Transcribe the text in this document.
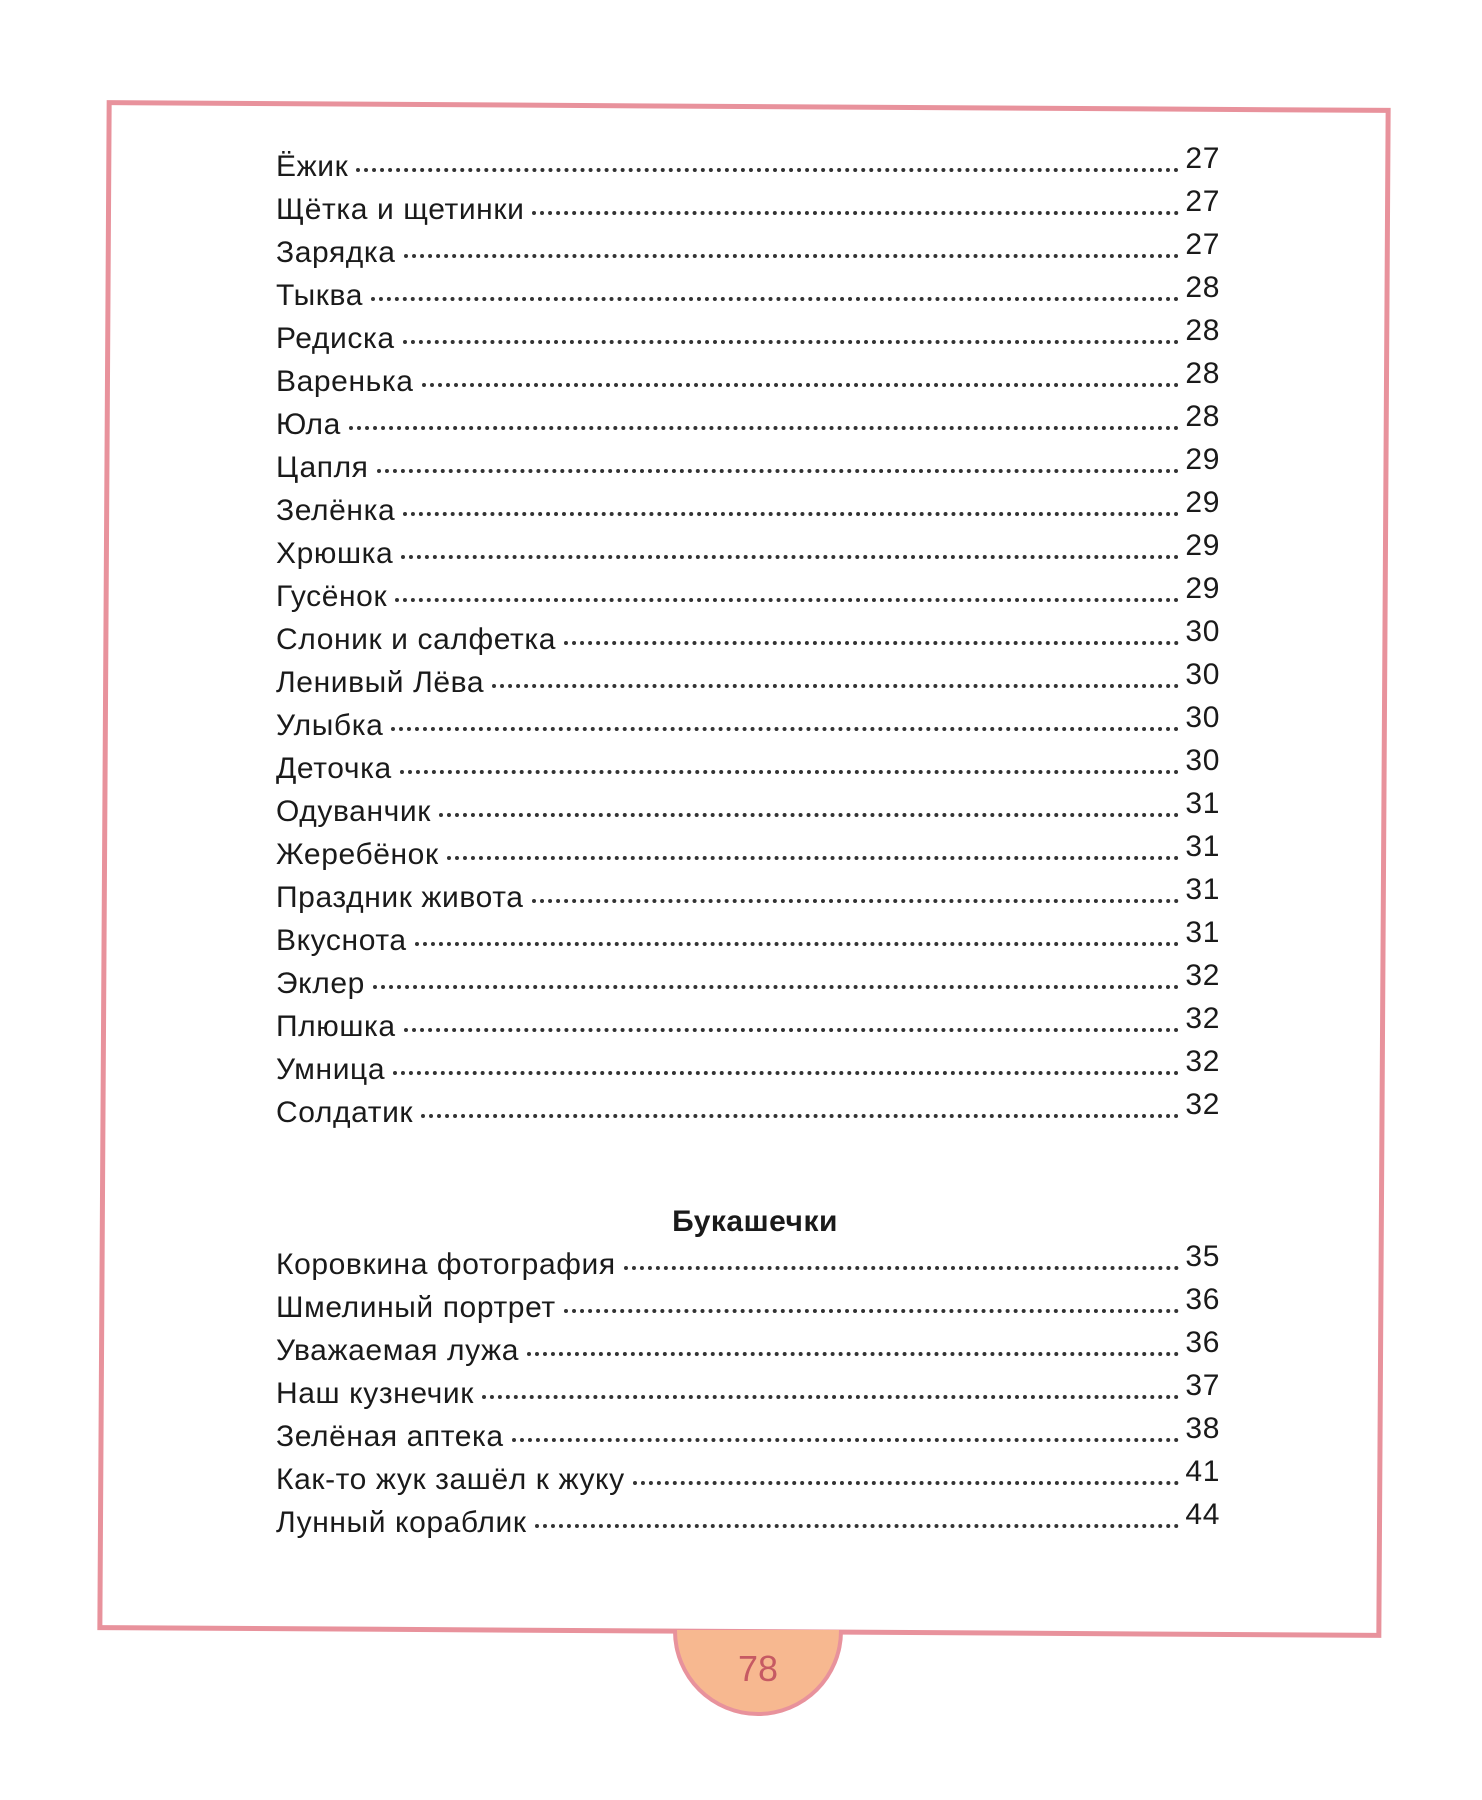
Ёжик	27
Щётка и щетинки	27
Зарядка	27
Тыква	28
Редиска	28
Варенька	28
Юла	28
Цапля	29
Зелёнка	29
Хрюшка	29
Гусёнок	29
Слоник и салфетка	30
Ленивый Лёва	30
Улыбка	30
Деточка	30
Одуванчик	31
Жеребёнок	31
Праздник живота	31
Вкуснота	31
Эклер	32
Плюшка	32
Умница	32
Солдатик	32
Букашечки
Коровкина фотография	35
Шмелиный портрет	36
Уважаемая лужа	36
Наш кузнечик	37
Зелёная аптека	38
Как-то жук зашёл к жуку	41
Лунный кораблик	44
78
